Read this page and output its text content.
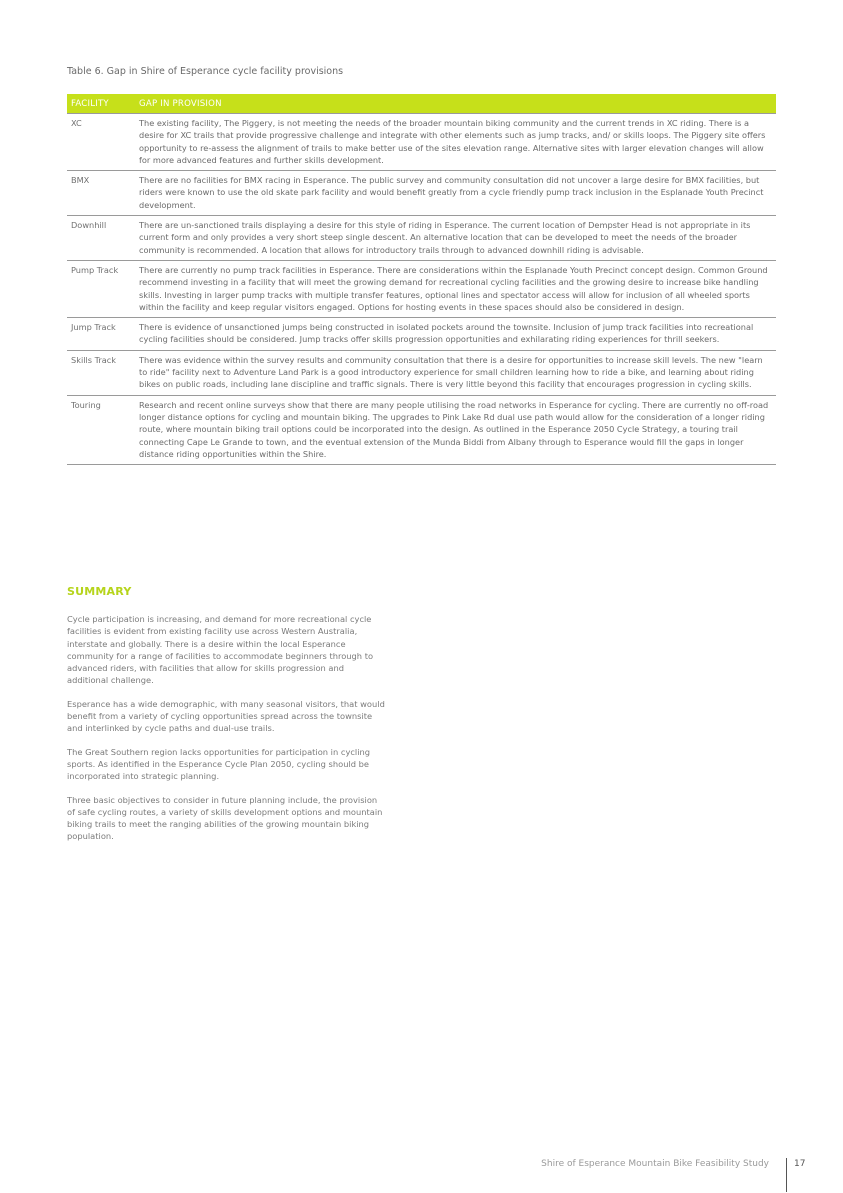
Table 6. Gap in Shire of Esperance cycle facility provisions
FACILITY	GAP IN PROVISION
XC	The existing facility, The Piggery, is not meeting the needs of the broader mountain biking community and the current trends in XC riding. There is a desire for XC trails that provide progressive challenge and integrate with other elements such as jump tracks, and/ or skills loops. The Piggery site offers opportunity to re-assess the alignment of trails to make better use of the sites elevation range. Alternative sites with larger elevation changes will allow for more advanced features and further skills development.
BMX	There are no facilities for BMX racing in Esperance. The public survey and community consultation did not uncover a large desire for BMX facilities, but riders were known to use the old skate park facility and would benefit greatly from a cycle friendly pump track inclusion in the Esplanade Youth Precinct development.
Downhill	There are un-sanctioned trails displaying a desire for this style of riding in Esperance. The current location of Dempster Head is not appropriate in its current form and only provides a very short steep single descent. An alternative location that can be developed to meet the needs of the broader community is recommended. A location that allows for introductory trails through to advanced downhill riding is advisable.
Pump Track	There are currently no pump track facilities in Esperance. There are considerations within the Esplanade Youth Precinct concept design. Common Ground recommend investing in a facility that will meet the growing demand for recreational cycling facilities and the growing desire to increase bike handling skills. Investing in larger pump tracks with multiple transfer features, optional lines and spectator access will allow for inclusion of all wheeled sports within the facility and keep regular visitors engaged. Options for hosting events in these spaces should also be considered in design.
Jump Track	There is evidence of unsanctioned jumps being constructed in isolated pockets around the townsite. Inclusion of jump track facilities into recreational cycling facilities should be considered. Jump tracks offer skills progression opportunities and exhilarating riding experiences for thrill seekers.
Skills Track	There was evidence within the survey results and community consultation that there is a desire for opportunities to increase skill levels. The new "learn to ride" facility next to Adventure Land Park is a good introductory experience for small children learning how to ride a bike, and learning about riding bikes on public roads, including lane discipline and traffic signals. There is very little beyond this facility that encourages progression in cycling skills.
Touring	Research and recent online surveys show that there are many people utilising the road networks in Esperance for cycling. There are currently no off-road longer distance options for cycling and mountain biking. The upgrades to Pink Lake Rd dual use path would allow for the consideration of a longer riding route, where mountain biking trail options could be incorporated into the design. As outlined in the Esperance 2050 Cycle Strategy, a touring trail connecting Cape Le Grande to town, and the eventual extension of the Munda Biddi from Albany through to Esperance would fill the gaps in longer distance riding opportunities within the Shire.
SUMMARY

Cycle participation is increasing, and demand for more recreational cycle facilities is evident from existing facility use across Western Australia, interstate and globally. There is a desire within the local Esperance community for a range of facilities to accommodate beginners through to advanced riders, with facilities that allow for skills progression and additional challenge.

Esperance has a wide demographic, with many seasonal visitors, that would benefit from a variety of cycling opportunities spread across the townsite and interlinked by cycle paths and dual-use trails.

The Great Southern region lacks opportunities for participation in cycling sports. As identified in the Esperance Cycle Plan 2050, cycling should be incorporated into strategic planning.

Three basic objectives to consider in future planning include, the provision of safe cycling routes, a variety of skills development options and mountain biking trails to meet the ranging abilities of the growing mountain biking population.

Shire of Esperance Mountain Bike Feasibility Study	17
